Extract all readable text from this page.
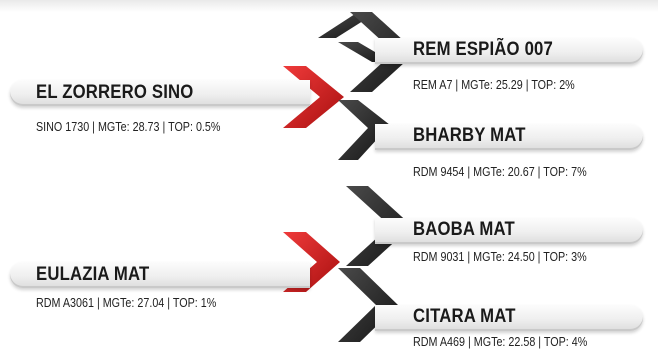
EL ZORRERO SINO
SINO 1730 | MGTe: 28.73 | TOP: 0.5%
REM ESPIÃO 007
REM A7 | MGTe: 25.29 | TOP: 2%
BHARBY MAT
RDM 9454 | MGTe: 20.67 | TOP: 7%
EULAZIA MAT
RDM A3061 | MGTe: 27.04 | TOP: 1%
BAOBA MAT
RDM 9031 | MGTe: 24.50 | TOP: 3%
CITARA MAT
RDM A469 | MGTe: 22.58 | TOP: 4%
